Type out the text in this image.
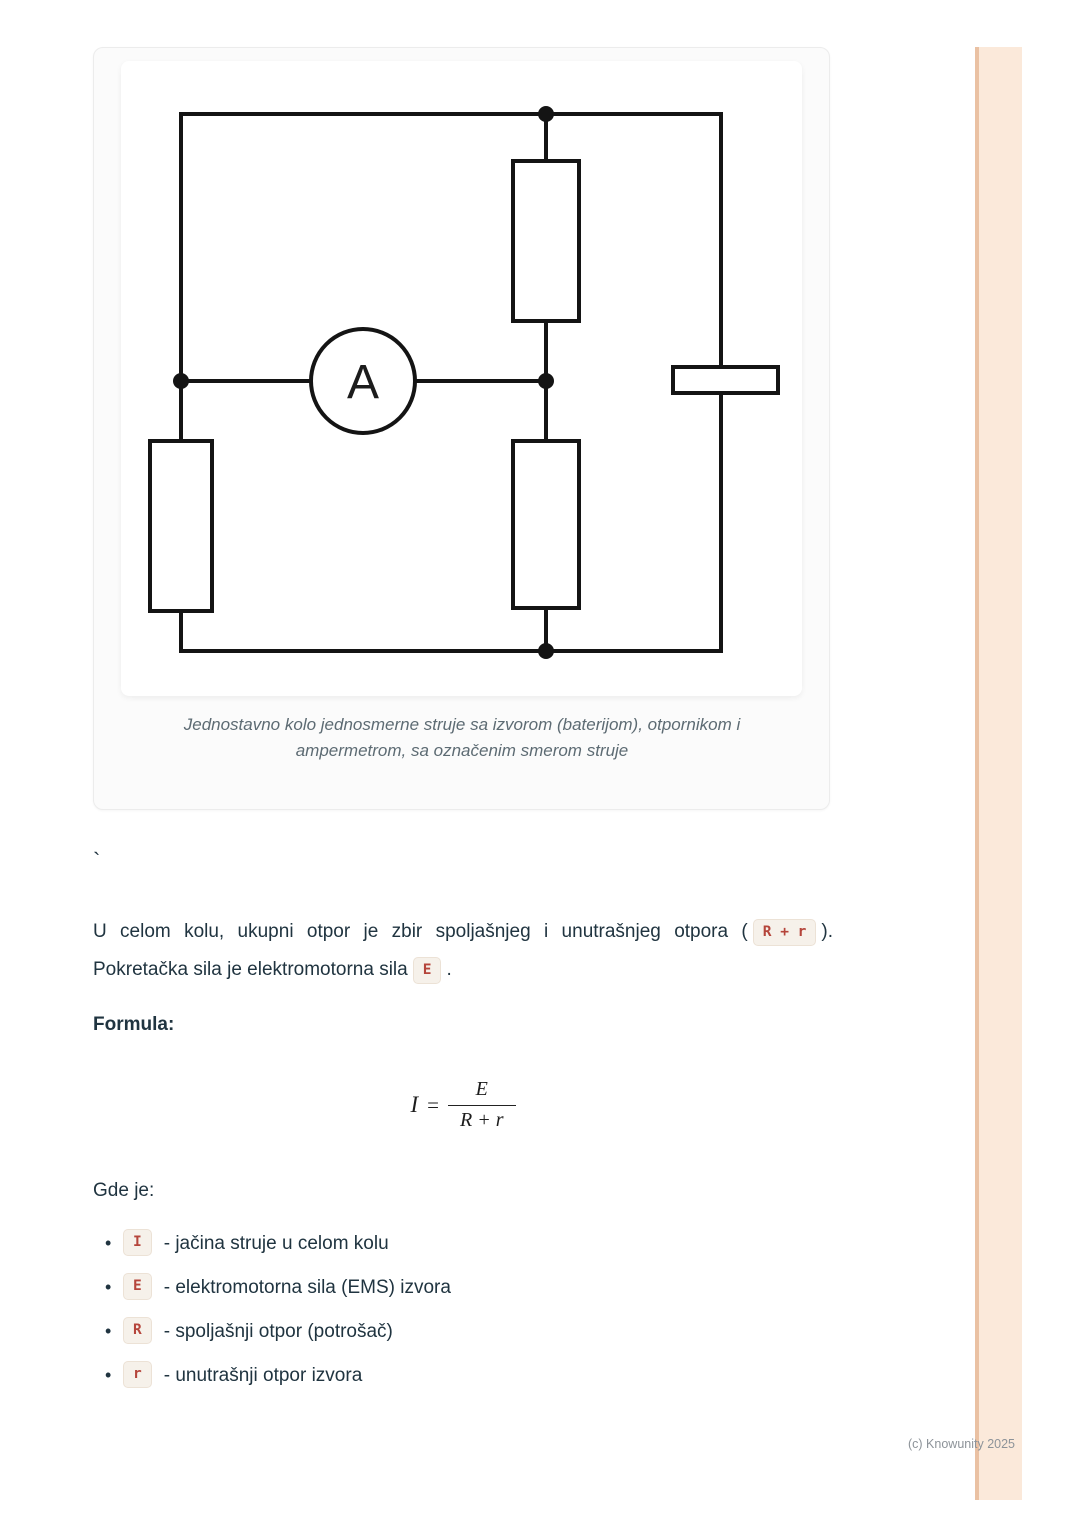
A
Jednostavno kolo jednosmerne struje sa izvorom (baterijom), otpornikom i
ampermetrom, sa označenim smerom struje
`
U celom kolu, ukupni otpor je zbir spoljašnjeg i unutrašnjeg otpora ( R + r ).
Pokretačka sila je elektromotorna sila E .
Formula:
$I = \frac{E}{R + r}$
Gde je:
•	I	- jačina struje u celom kolu
•	E	- elektromotorna sila (EMS) izvora
•	R	- spoljašnji otpor (potrošač)
•	r	- unutrašnji otpor izvora
(c) Knowunity 2025
